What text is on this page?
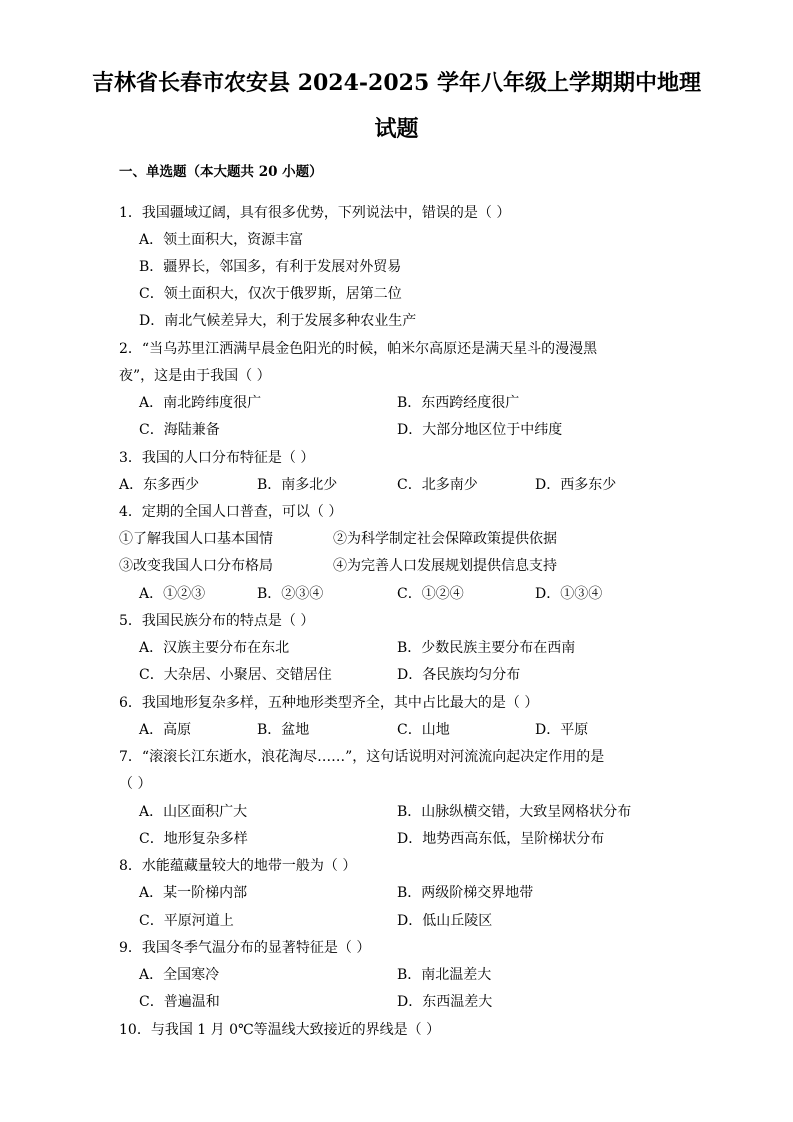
吉林省长春市农安县 2024-2025 学年八年级上学期期中地理
试题
一、单选题（本大题共 20 小题）
1．我国疆域辽阔，具有很多优势，下列说法中，错误的是（ ）
A．领土面积大，资源丰富
B．疆界长，邻国多，有利于发展对外贸易
C．领土面积大，仅次于俄罗斯，居第二位
D．南北气候差异大，利于发展多种农业生产
2．“当乌苏里江洒满早晨金色阳光的时候，帕米尔高原还是满天星斗的漫漫黑
夜”，这是由于我国（ ）
A．南北跨纬度很广	B．东西跨经度很广
C．海陆兼备	D．大部分地区位于中纬度
3．我国的人口分布特征是（ ）
A．东多西少	B．南多北少	C．北多南少	D．西多东少
4．定期的全国人口普查，可以（ ）
①了解我国人口基本国情	②为科学制定社会保障政策提供依据
③改变我国人口分布格局	④为完善人口发展规划提供信息支持
A．①②③	B．②③④	C．①②④	D．①③④
5．我国民族分布的特点是（ ）
A．汉族主要分布在东北	B．少数民族主要分布在西南
C．大杂居、小聚居、交错居住	D．各民族均匀分布
6．我国地形复杂多样，五种地形类型齐全，其中占比最大的是（ ）
A．高原	B．盆地	C．山地	D．平原
7．“滚滚长江东逝水，浪花淘尽……”，这句话说明对河流流向起决定作用的是
（ ）
A．山区面积广大	B．山脉纵横交错，大致呈网格状分布
C．地形复杂多样	D．地势西高东低，呈阶梯状分布
8．水能蕴藏量较大的地带一般为（ ）
A．某一阶梯内部	B．两级阶梯交界地带
C．平原河道上	D．低山丘陵区
9．我国冬季气温分布的显著特征是（ ）
A．全国寒冷	B．南北温差大
C．普遍温和	D．东西温差大
10．与我国 1 月 0℃等温线大致接近的界线是（ ）
